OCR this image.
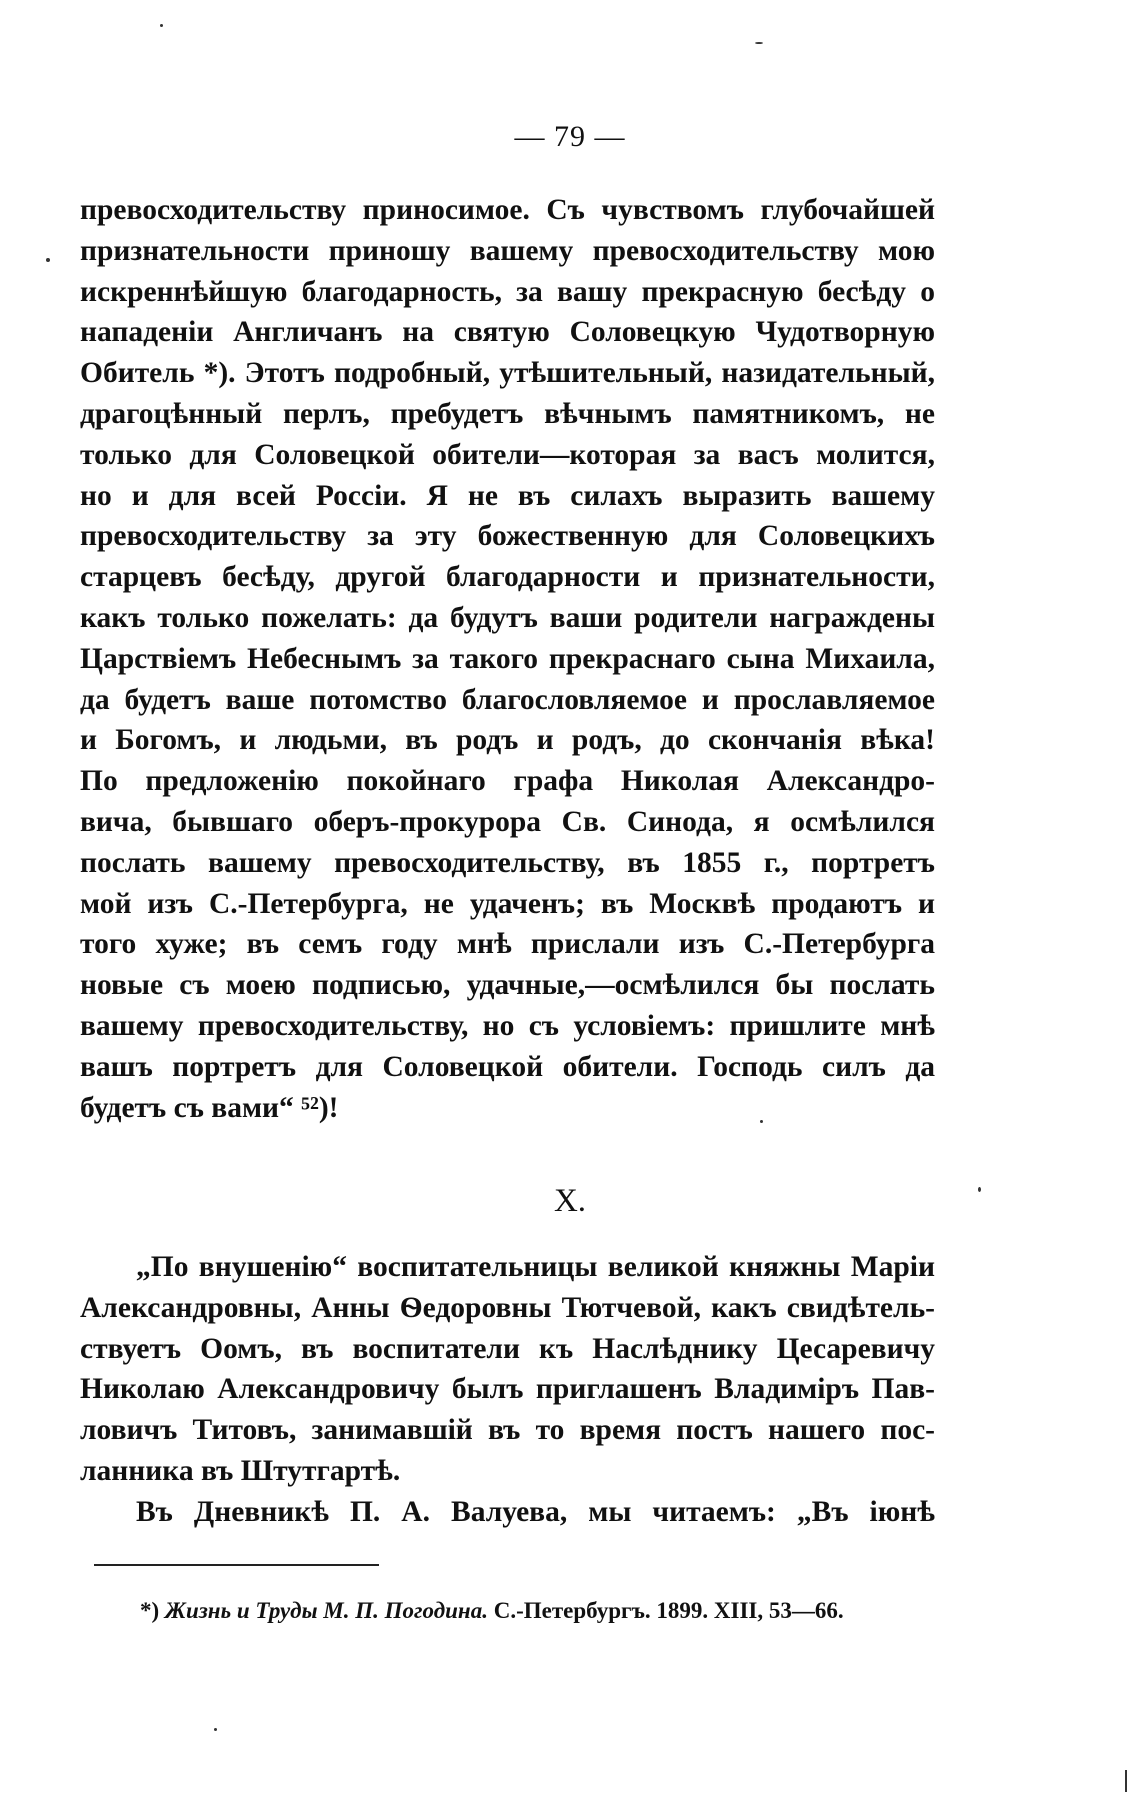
— 79 —
превосходительству приносимое. Съ чувствомъ глубочайшей
признательности приношу вашему превосходительству мою
искреннѣйшую благодарность, за вашу прекрасную бесѣду о
нападеніи Англичанъ на святую Соловецкую Чудотворную
Обитель *). Этотъ подробный, утѣшительный, назидательный,
драгоцѣнный перлъ, пребудетъ вѣчнымъ памятникомъ, не
только для Соловецкой обители—которая за васъ молится,
но и для всей Россіи. Я не въ силахъ выразить вашему
превосходительству за эту божественную для Соловецкихъ
старцевъ бесѣду, другой благодарности и признательности,
какъ только пожелать: да будутъ ваши родители награждены
Царствіемъ Небеснымъ за такого прекраснаго сына Михаила,
да будетъ ваше потомство благословляемое и прославляемое
и Богомъ, и людьми, въ родъ и родъ, до скончанія вѣка!
По предложенію покойнаго графа Николая Александро-
вича, бывшаго оберъ-прокурора Св. Синода, я осмѣлился
послать вашему превосходительству, въ 1855 г., портретъ
мой изъ С.-Петербурга, не удаченъ; въ Москвѣ продаютъ и
того хуже; въ семъ году мнѣ прислали изъ С.-Петербурга
новые съ моею подписью, удачные,—осмѣлился бы послать
вашему превосходительству, но съ условіемъ: пришлите мнѣ
вашъ портретъ для Соловецкой обители. Господь силъ да
будетъ съ вами“ ⁵²)!
X.
„По внушенію“ воспитательницы великой княжны Маріи
Александровны, Анны Ѳедоровны Тютчевой, какъ свидѣтель-
ствуетъ Оомъ, въ воспитатели къ Наслѣднику Цесаревичу
Николаю Александровичу былъ приглашенъ Владиміръ Пав-
ловичъ Титовъ, занимавшій въ то время постъ нашего пос-
ланника въ Штутгартѣ.
Въ Дневникѣ П. А. Валуева, мы читаемъ: „Въ іюнѣ
*) Жизнь и Труды М. П. Погодина. С.-Петербургъ. 1899. XIII, 53—66.
